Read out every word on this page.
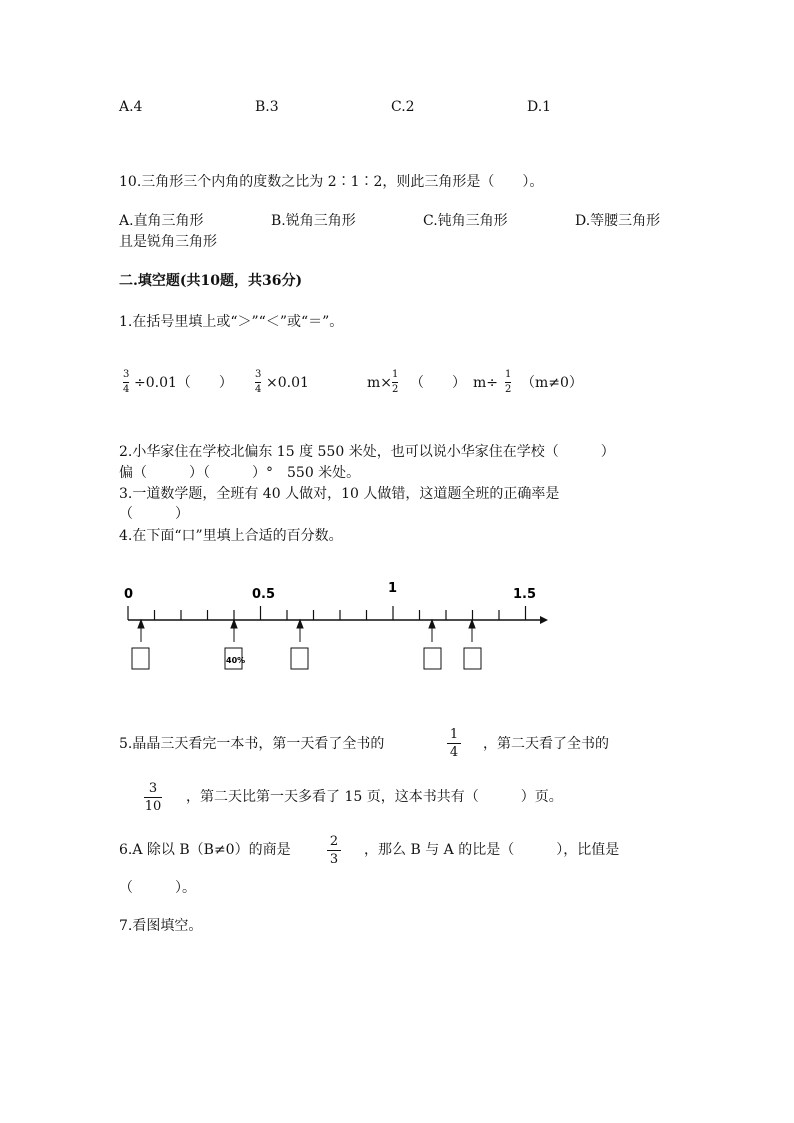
A.4	B.3	C.2	D.1
10.三角形三个内角的度数之比为 2∶1∶2，则此三角形是（　　）。
A.直角三角形	B.锐角三角形	C.钝角三角形	D.等腰三角形
且是锐角三角形
二.填空题(共10题，共36分)
1.在括号里填上或“＞”“＜”或“＝”。
3
4 ÷0.01（　　）
3
4 ×0.01	m×
1
2 （　　）　m÷
1
2 （m≠0）
2.小华家住在学校北偏东 15 度 550 米处，也可以说小华家住在学校（　　　）
偏（　　　）（　　　）°　550 米处。
3.一道数学题，全班有 40 人做对，10 人做错，这道题全班的正确率是
（　　　）
4.在下面“口”里填上合适的百分数。
0	0.5	1	1.5
40%
5.晶晶三天看完一本书，第一天看了全书的
1
4
，第二天看了全书的
3
10
，第二天比第一天多看了 15 页，这本书共有（　　　）页。
6.A 除以 B（B≠0）的商是
2
3
，那么 B 与 A 的比是（　　　），比值是
（　　　）。
7.看图填空。
